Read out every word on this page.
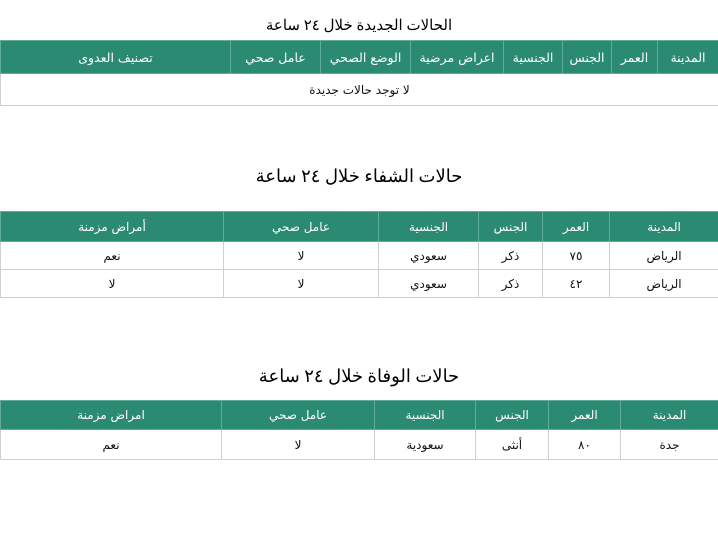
الحالات الجديدة خلال ٢٤ ساعة
المدينة	العمر	الجنس	الجنسية	اعراض مرضية	الوضع الصحي	عامل صحي	تصنيف العدوى
لا توجد حالات جديدة
حالات الشفاء خلال ٢٤ ساعة
المدينة	العمر	الجنس	الجنسية	عامل صحي	أمراض مزمنة
الرياض	٧٥	ذكر	سعودي	لا	نعم
الرياض	٤٢	ذكر	سعودي	لا	لا
حالات الوفاة خلال ٢٤ ساعة
المدينة	العمر	الجنس	الجنسية	عامل صحي	امراض مزمنة
جدة	٨٠	أنثى	سعودية	لا	نعم
